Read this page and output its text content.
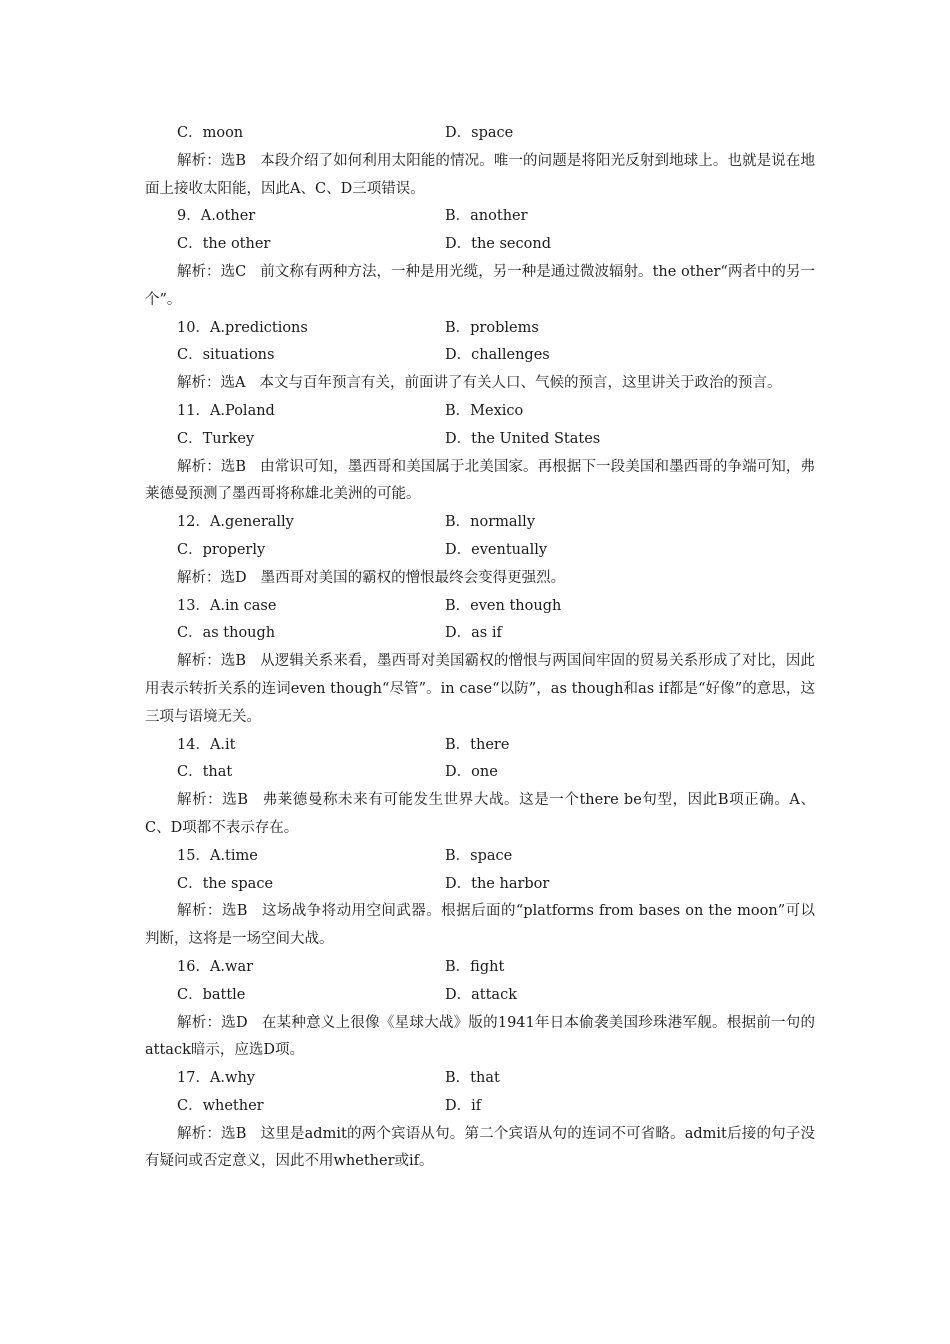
C．moon	D．space

解析：选B 本段介绍了如何利用太阳能的情况。唯一的问题是将阳光反射到地球上。也就是说在地面上接收太阳能，因此A、C、D三项错误。

9．A.other	B．another
C．the other	D．the second

解析：选C 前文称有两种方法，一种是用光缆，另一种是通过微波辐射。the other“两者中的另一个”。

10．A.predictions	B．problems
C．situations	D．challenges

解析：选A 本文与百年预言有关，前面讲了有关人口、气候的预言，这里讲关于政治的预言。

11．A.Poland	B．Mexico
C．Turkey	D．the United States

解析：选B 由常识可知，墨西哥和美国属于北美国家。再根据下一段美国和墨西哥的争端可知，弗莱德曼预测了墨西哥将称雄北美洲的可能。

12．A.generally	B．normally
C．properly	D．eventually

解析：选D 墨西哥对美国的霸权的憎恨最终会变得更强烈。

13．A.in case	B．even though
C．as though	D．as if

解析：选B 从逻辑关系来看，墨西哥对美国霸权的憎恨与两国间牢固的贸易关系形成了对比，因此用表示转折关系的连词even though“尽管”。in case“以防”，as though和as if都是“好像”的意思，这三项与语境无关。

14．A.it	B．there
C．that	D．one

解析：选B 弗莱德曼称未来有可能发生世界大战。这是一个there be句型，因此B项正确。A、C、D项都不表示存在。

15．A.time	B．space
C．the space	D．the harbor

解析：选B 这场战争将动用空间武器。根据后面的“platforms from bases on the moon”可以判断，这将是一场空间大战。

16．A.war	B．fight
C．battle	D．attack

解析：选D 在某种意义上很像《星球大战》版的1941年日本偷袭美国珍珠港军舰。根据前一句的attack暗示，应选D项。

17．A.why	B．that
C．whether	D．if

解析：选B 这里是admit的两个宾语从句。第二个宾语从句的连词不可省略。admit后接的句子没有疑问或否定意义，因此不用whether或if。
